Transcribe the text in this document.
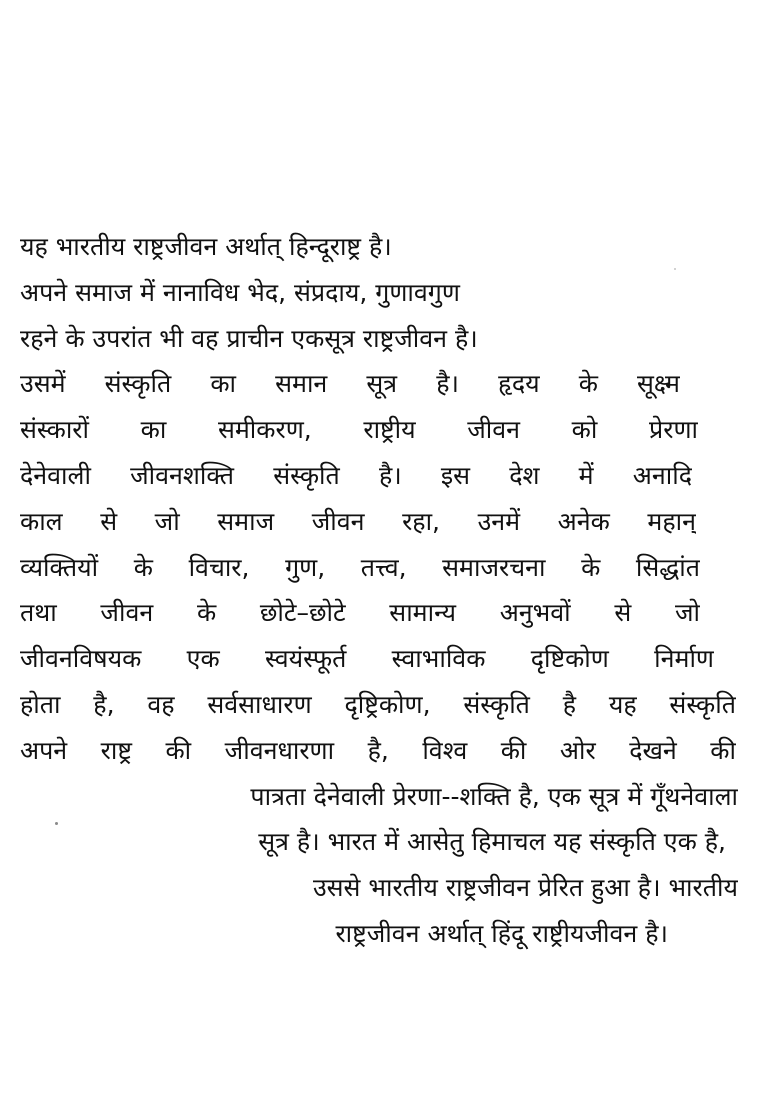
यह भारतीय राष्ट्रजीवन अर्थात् हिन्दूराष्ट्र है।
अपने समाज में नानाविध भेद, संप्रदाय, गुणावगुण
रहने के उपरांत भी वह प्राचीन एकसूत्र राष्ट्रजीवन है।
उसमें संस्कृति का समान सूत्र है। हृदय के सूक्ष्म
संस्कारों का समीकरण, राष्ट्रीय जीवन को प्रेरणा
देनेवाली जीवनशक्ति संस्कृति है। इस देश में अनादि
काल से जो समाज जीवन रहा, उनमें अनेक महान्
व्यक्तियों के विचार, गुण, तत्त्व, समाजरचना के सिद्धांत
तथा जीवन के छोटे–छोटे सामान्य अनुभवों से जो
जीवनविषयक एक स्वयंस्फूर्त स्वाभाविक दृष्टिकोण निर्माण
होता है, वह सर्वसाधारण दृष्ट्रिकोण, संस्कृति है यह संस्कृति
अपने राष्ट्र की जीवनधारणा है, विश्व की ओर देखने की
पात्रता देनेवाली प्रेरणा--शक्ति है, एक सूत्र में गूँथनेवाला
सूत्र है। भारत में आसेतु हिमाचल यह संस्कृति एक है,
उससे भारतीय राष्ट्रजीवन प्रेरित हुआ है। भारतीय
राष्ट्रजीवन अर्थात् हिंदू राष्ट्रीयजीवन है।
